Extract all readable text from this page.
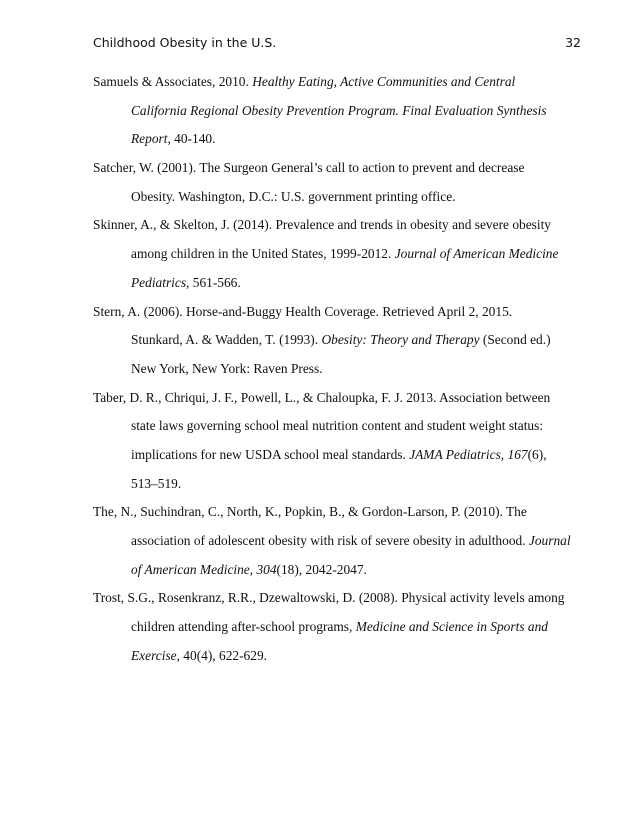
Childhood Obesity in the U.S.	32
Samuels & Associates, 2010. Healthy Eating, Active Communities and Central
California Regional Obesity Prevention Program. Final Evaluation Synthesis
Report, 40-140.
Satcher, W. (2001). The Surgeon General’s call to action to prevent and decrease
Obesity. Washington, D.C.: U.S. government printing office.
Skinner, A., & Skelton, J. (2014). Prevalence and trends in obesity and severe obesity
among children in the United States, 1999-2012. Journal of American Medicine
Pediatrics, 561-566.
Stern, A. (2006). Horse-and-Buggy Health Coverage. Retrieved April 2, 2015.
Stunkard, A. & Wadden, T. (1993). Obesity: Theory and Therapy (Second ed.)
New York, New York: Raven Press.
Taber, D. R., Chriqui, J. F., Powell, L., & Chaloupka, F. J. 2013. Association between
state laws governing school meal nutrition content and student weight status:
implications for new USDA school meal standards. JAMA Pediatrics, 167(6),
513–519.
The, N., Suchindran, C., North, K., Popkin, B., & Gordon-Larson, P. (2010). The
association of adolescent obesity with risk of severe obesity in adulthood. Journal
of American Medicine, 304(18), 2042-2047.
Trost, S.G., Rosenkranz, R.R., Dzewaltowski, D. (2008). Physical activity levels among
children attending after-school programs, Medicine and Science in Sports and
Exercise, 40(4), 622-629.
